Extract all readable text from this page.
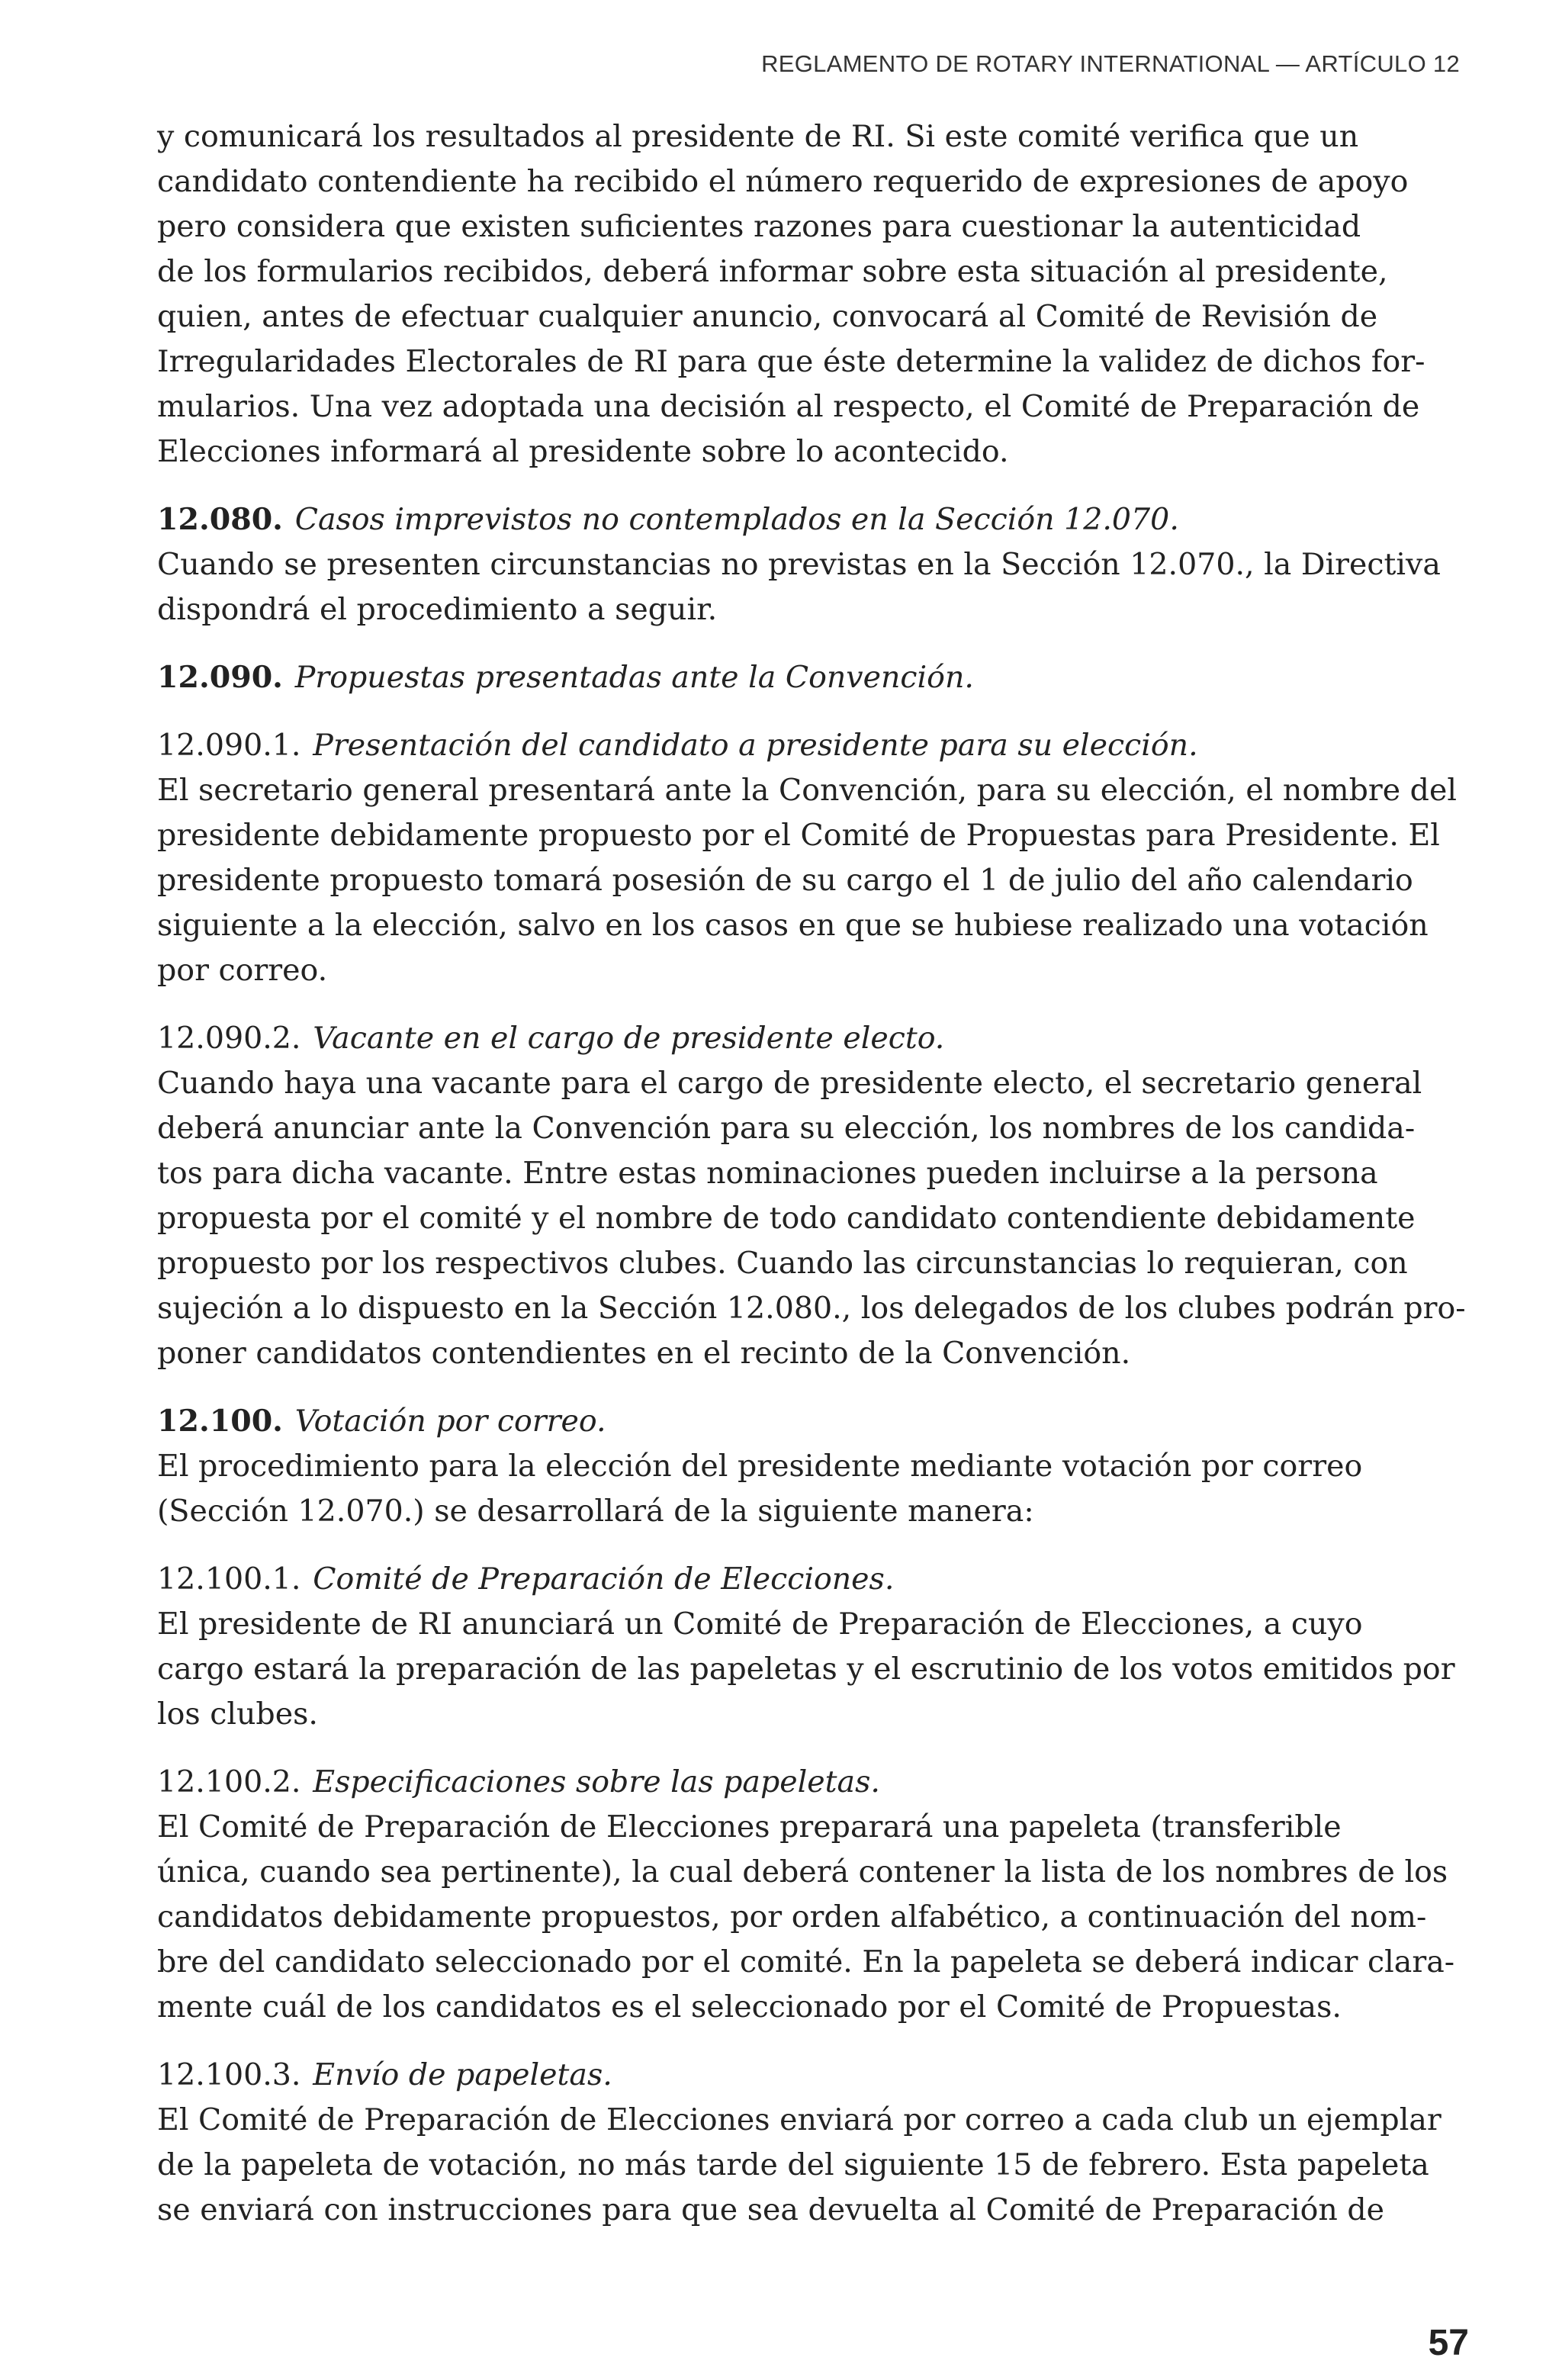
REGLAMENTO DE ROTARY INTERNATIONAL — ARTÍCULO 12
y comunicará los resultados al presidente de RI. Si este comité verifica que un
candidato contendiente ha recibido el número requerido de expresiones de apoyo
pero considera que existen suficientes razones para cuestionar la autenticidad
de los formularios recibidos, deberá informar sobre esta situación al presidente,
quien, antes de efectuar cualquier anuncio, convocará al Comité de Revisión de
Irregularidades Electorales de RI para que éste determine la validez de dichos for-
mularios. Una vez adoptada una decisión al respecto, el Comité de Preparación de
Elecciones informará al presidente sobre lo acontecido.
12.080. Casos imprevistos no contemplados en la Sección 12.070.
Cuando se presenten circunstancias no previstas en la Sección 12.070., la Directiva
dispondrá el procedimiento a seguir.
12.090. Propuestas presentadas ante la Convención.
12.090.1. Presentación del candidato a presidente para su elección.
El secretario general presentará ante la Convención, para su elección, el nombre del
presidente debidamente propuesto por el Comité de Propuestas para Presidente. El
presidente propuesto tomará posesión de su cargo el 1 de julio del año calendario
siguiente a la elección, salvo en los casos en que se hubiese realizado una votación
por correo.
12.090.2. Vacante en el cargo de presidente electo.
Cuando haya una vacante para el cargo de presidente electo, el secretario general
deberá anunciar ante la Convención para su elección, los nombres de los candida-
tos para dicha vacante. Entre estas nominaciones pueden incluirse a la persona
propuesta por el comité y el nombre de todo candidato contendiente debidamente
propuesto por los respectivos clubes. Cuando las circunstancias lo requieran, con
sujeción a lo dispuesto en la Sección 12.080., los delegados de los clubes podrán pro-
poner candidatos contendientes en el recinto de la Convención.
12.100. Votación por correo.
El procedimiento para la elección del presidente mediante votación por correo
(Sección 12.070.) se desarrollará de la siguiente manera:
12.100.1. Comité de Preparación de Elecciones.
El presidente de RI anunciará un Comité de Preparación de Elecciones, a cuyo
cargo estará la preparación de las papeletas y el escrutinio de los votos emitidos por
los clubes.
12.100.2. Especificaciones sobre las papeletas.
El Comité de Preparación de Elecciones preparará una papeleta (transferible
única, cuando sea pertinente), la cual deberá contener la lista de los nombres de los
candidatos debidamente propuestos, por orden alfabético, a continuación del nom-
bre del candidato seleccionado por el comité. En la papeleta se deberá indicar clara-
mente cuál de los candidatos es el seleccionado por el Comité de Propuestas.
12.100.3. Envío de papeletas.
El Comité de Preparación de Elecciones enviará por correo a cada club un ejemplar
de la papeleta de votación, no más tarde del siguiente 15 de febrero. Esta papeleta
se enviará con instrucciones para que sea devuelta al Comité de Preparación de
57
